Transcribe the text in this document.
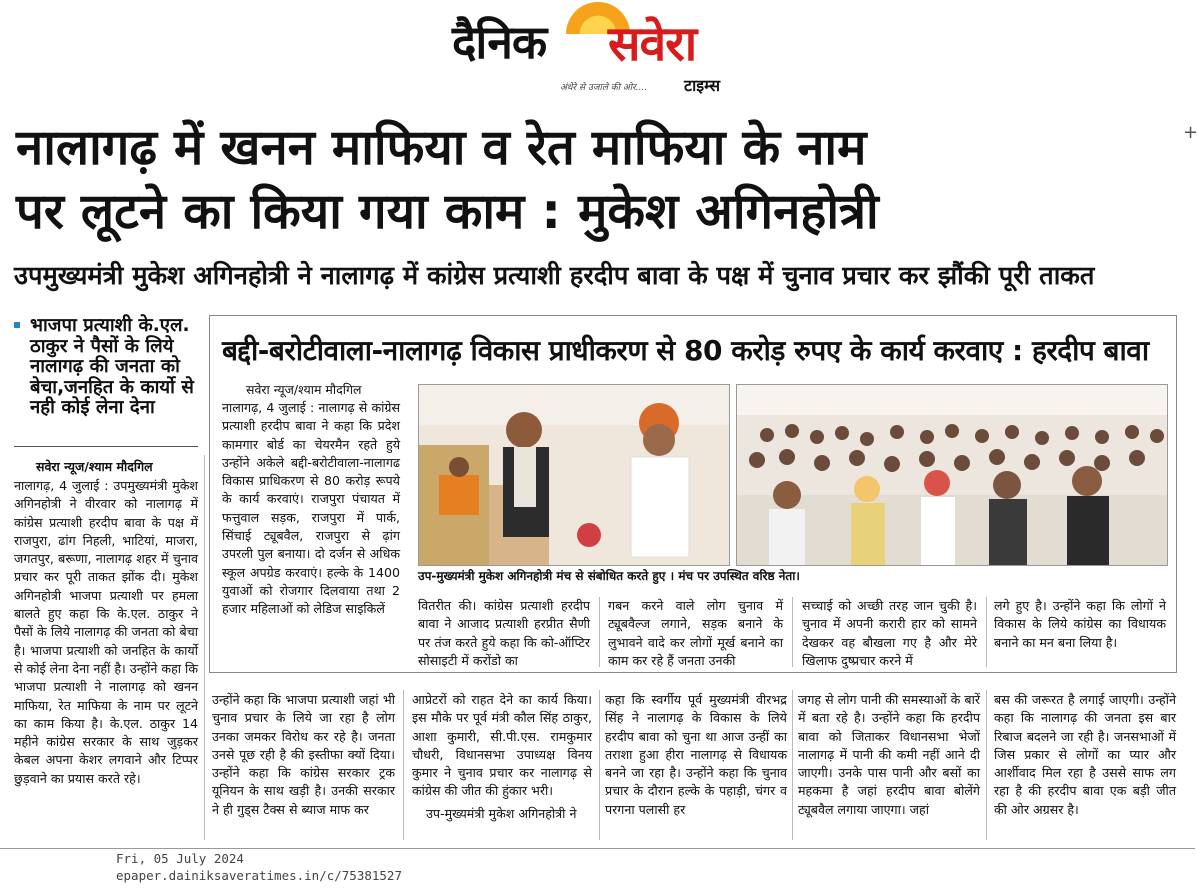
दैनिक सवेरा
अंधेरे से उजाले की ओर.... टाइम्स
नालागढ़ में खनन माफिया व रेत माफिया के नाम
पर लूटने का किया गया काम : मुकेश अगिनहोत्री
+
उपमुख्यमंत्री मुकेश अगिनहोत्री ने नालागढ़ में कांग्रेस प्रत्याशी हरदीप बावा के पक्ष में चुनाव प्रचार कर झौंकी पूरी ताकत
भाजपा प्रत्याशी के.एल. ठाकुर ने पैसों के लिये नालागढ़ की जनता को बेचा,जनहित के कार्यो से नही कोई लेना देना
सवेरा न्यूज/श्याम मौदगिल
नालागढ़, 4 जुलाई : उपमुख्यमंत्री मुकेश अगिनहोत्री ने वीरवार को नालागढ़ में कांग्रेस प्रत्याशी हरदीप बावा के पक्ष में राजपुरा, ढांग निहली, भाटियां, माजरा, जगतपुर, बरूणा, नालागढ़ शहर में चुनाव प्रचार कर पूरी ताकत झोंक दी। मुकेश अगिनहोत्री भाजपा प्रत्याशी पर हमला बालते हुए कहा कि के.एल. ठाकुर ने पैसों के लिये नालागढ़ की जनता को बेचा है। भाजपा प्रत्याशी को जनहित के कार्यो से कोई लेना देना नहीं है। उन्होंने कहा कि भाजपा प्रत्याशी ने नालागढ़ को खनन माफिया, रेत माफिया के नाम पर लूटने का काम किया है। के.एल. ठाकुर 14 महीने कांग्रेस सरकार के साथ जुड़कर केबल अपना केशर लगवाने और टिप्पर छुड़वाने का प्रयास करते रहे।
बद्दी-बरोटीवाला-नालागढ़ विकास प्राधीकरण से 80 करोड़ रुपए के कार्य करवाए : हरदीप बावा
सवेरा न्यूज/श्याम मौदगिल
नालागढ़, 4 जुलाई : नालागढ़ से कांग्रेस प्रत्याशी हरदीप बावा ने कहा कि प्रदेश कामगार बोर्ड का चेयरमैन रहते हुये उन्होंने अकेले बद्दी-बरोटीवाला-नालागढ विकास प्राधिकरण से 80 करोड़ रूपये के कार्य करवाएं। राजपुरा पंचायत में फत्तुवाल सड़क, राजपुरा में पार्क, सिंचाई ट्यूबवैल, राजपुरा से ढ़ांग उपरली पुल बनाया। दो दर्जन से अधिक स्कूल अपग्रेड करवाएं। हल्के के 1400 युवाओं को रोजगार दिलवाया तथा 2 हजार महिलाओं को लेडिज साइकिलें
उप-मुख्यमंत्री मुकेश अगिनहोत्री मंच से संबोधित करते हुए । मंच पर उपस्थित वरिष्ठ नेता।
वितरीत की। कांग्रेस प्रत्याशी हरदीप बावा ने आजाद प्रत्याशी हरप्रीत सैणी पर तंज करते हुये कहा कि को-ऑप्टिर सोसाइटी में करोंडो का
गबन करने वाले लोग चुनाव में ट्यूबवैल्ज लगाने, सड़क बनाने के लुभावने वादे कर लोगों मूर्ख बनाने का काम कर रहे हैं जनता उनकी
सच्चाई को अच्छी तरह जान चुकी है। चुनाव में अपनी करारी हार को सामने देखकर वह बौखला गए है और मेरे खिलाफ दुष्प्रचार करने में
लगे हुए है। उन्होंने कहा कि लोगों ने विकास के लिये कांग्रेस का विधायक बनाने का मन बना लिया है।
उन्होंने कहा कि भाजपा प्रत्याशी जहां भी चुनाव प्रचार के लिये जा रहा है लोग उनका जमकर विरोध कर रहे है। जनता उनसे पूछ रही है की इस्तीफा क्यों दिया। उन्होंने कहा कि कांग्रेस सरकार ट्रक यूनियन के साथ खड़ी है। उनकी सरकार ने ही गुड्स टैक्स से ब्याज माफ कर
आप्रेटरों को राहत देने का कार्य किया। इस मौके पर पूर्व मंत्री कौल सिंह ठाकुर, आशा कुमारी, सी.पी.एस. रामकुमार चौधरी, विधानसभा उपाध्यक्ष विनय कुमार ने चुनाव प्रचार कर नालागढ़ से कांग्रेस की जीत की हुंकार भरी।
उप-मुख्यमंत्री मुकेश अगिनहोत्री ने
कहा कि स्वर्गीय पूर्व मुख्यमंत्री वीरभद्र सिंह ने नालागढ़ के विकास के लिये हरदीप बावा को चुना था आज उन्हीं का तराशा हुआ हीरा नालागढ़ से विधायक बनने जा रहा है। उन्होंने कहा कि चुनाव प्रचार के दौरान हल्के के पहाड़ी, चंगर व परगना पलासी हर
जगह से लोग पानी की समस्याओं के बारें में बता रहे है। उन्होंने कहा कि हरदीप बावा को जिताकर विधानसभा भेजों नालागढ़ में पानी की कमी नहीं आने दी जाएगी। उनके पास पानी और बसों का महकमा है जहां हरदीप बावा बोलेंगे ट्यूबवैल लगाया जाएगा। जहां
बस की जरूरत है लगाई जाएगी। उन्होंने कहा कि नालागढ़ की जनता इस बार रिबाज बदलने जा रही है। जनसभाओं में जिस प्रकार से लोगों का प्यार और आर्शीवाद मिल रहा है उससे साफ लग रहा है की हरदीप बावा एक बड़ी जीत की ओर अग्रसर है।
Fri, 05 July 2024
epaper.dainiksaveratimes.in/c/75381527
